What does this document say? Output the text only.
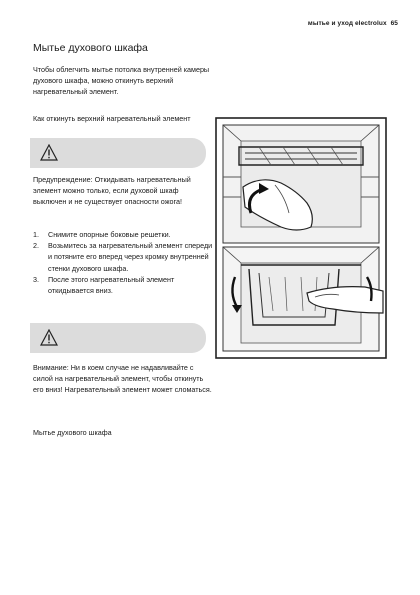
мытье и уход electrolux 65
Мытье духового шкафа
Чтобы облегчить мытье потолка внутренней камеры духового шкафа, можно откинуть верхний нагревательный элемент.
Как откинуть верхний нагревательный элемент
Предупреждение: Откидывать нагревательный элемент можно только, если духовой шкаф выключен и не существует опасности ожога!
1. Снимите опорные боковые решетки.
2. Возьмитесь за нагревательный элемент спереди и потяните его вперед через кромку внутренней стенки духового шкафа.
3. После этого нагревательный элемент откидывается вниз.
Внимание: Ни в коем случае не надавливайте с силой на нагревательный элемент, чтобы откинуть его вниз! Нагревательный элемент может сломаться.
Мытье духового шкафа
